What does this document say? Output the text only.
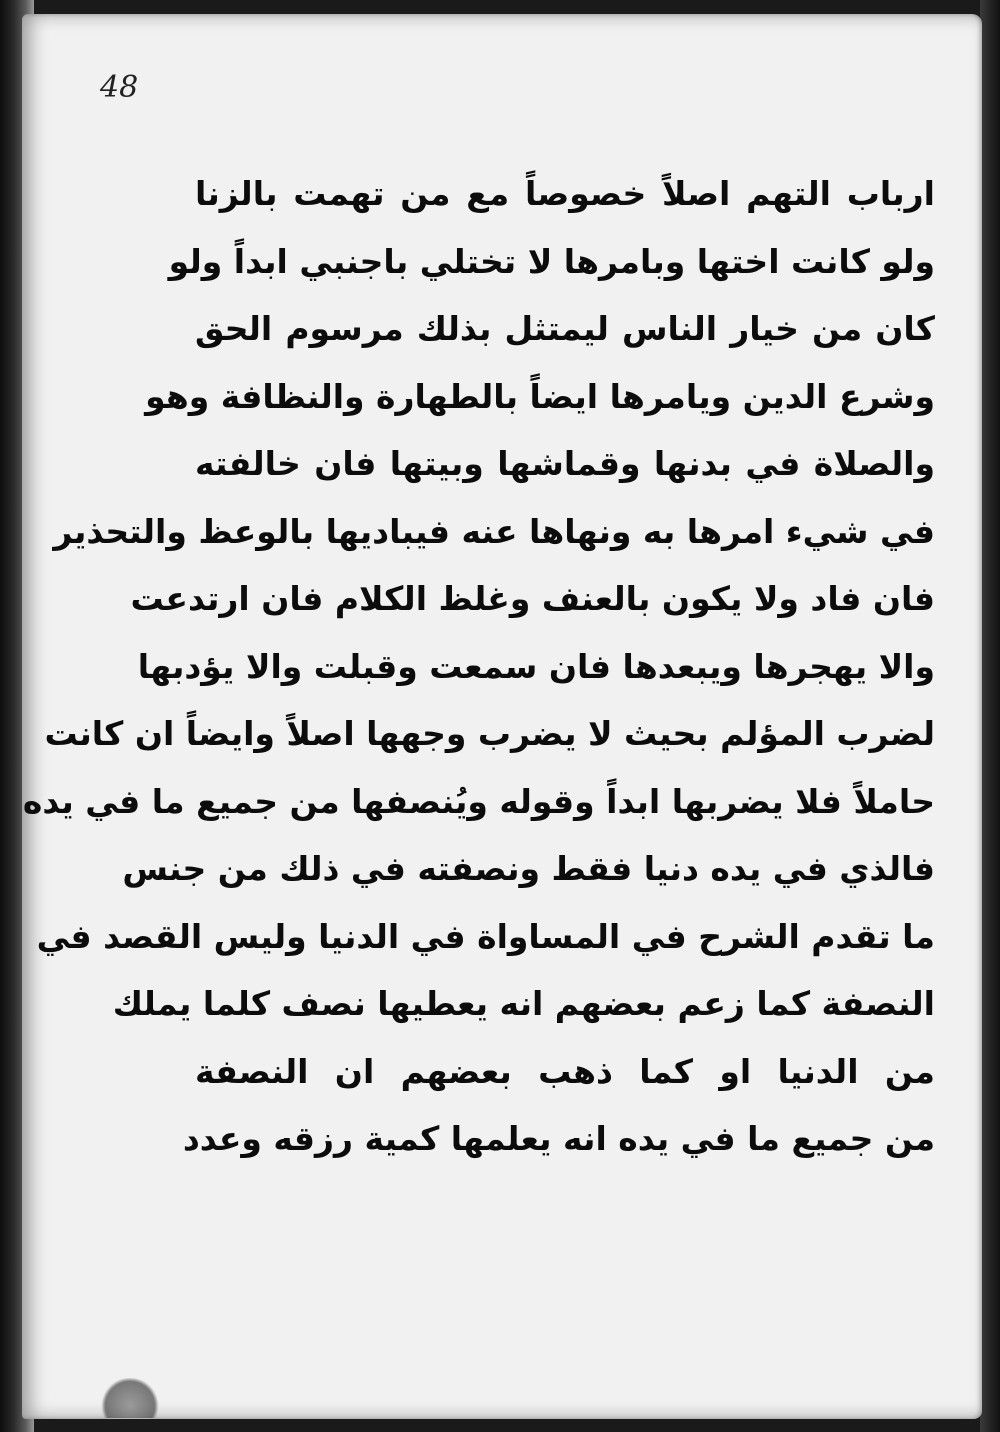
48
ارباب التهم اصلاً خصوصاً مع من تهمت بالزنا
ولو كانت اختها وبامرها لا تختلي باجنبي ابداً ولو
كان من خيار الناس ليمتثل بذلك مرسوم الحق
وشرع الدين ويامرها ايضاً بالطهارة والنظافة وهو
والصلاة في بدنها وقماشها وبيتها فان خالفته
في شيء امرها به ونهاها عنه فيباديها بالوعظ والتحذير
فان فاد ولا يكون بالعنف وغلظ الكلام فان ارتدعت
والا يهجرها ويبعدها فان سمعت وقبلت والا يؤدبها
لضرب المؤلم بحيث لا يضرب وجهها اصلاً وايضاً ان كانت
حاملاً فلا يضربها ابداً وقوله ويُنصفها من جميع ما في يده
فالذي في يده دنيا فقط ونصفته في ذلك من جنس
ما تقدم الشرح في المساواة في الدنيا وليس القصد في
النصفة كما زعم بعضهم انه يعطيها نصف كلما يملك
من الدنيا او كما ذهب بعضهم ان النصفة
من جميع ما في يده انه يعلمها كمية رزقه وعدد
